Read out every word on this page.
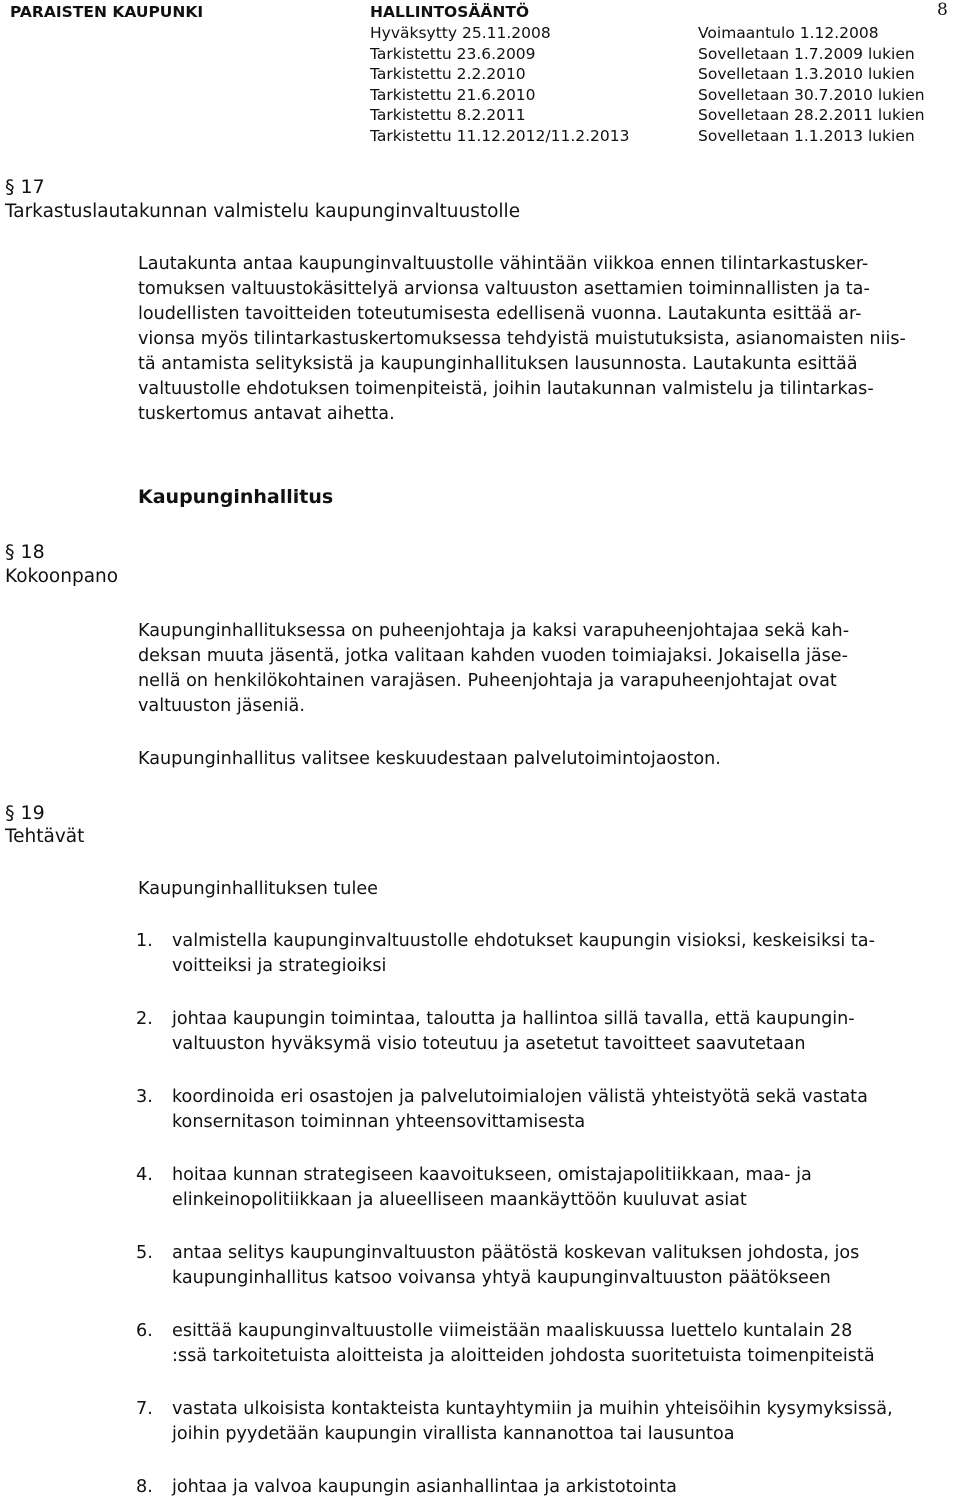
PARAISTEN KAUPUNKI	HALLINTOSÄÄNTÖ	8
Hyväksytty 25.11.2008
Tarkistettu 23.6.2009
Tarkistettu 2.2.2010
Tarkistettu 21.6.2010
Tarkistettu 8.2.2011
Tarkistettu 11.12.2012/11.2.2013
Voimaantulo 1.12.2008
Sovelletaan 1.7.2009 lukien
Sovelletaan 1.3.2010 lukien
Sovelletaan 30.7.2010 lukien
Sovelletaan 28.2.2011 lukien
Sovelletaan 1.1.2013 lukien
§ 17
Tarkastuslautakunnan valmistelu kaupunginvaltuustolle
Lautakunta antaa kaupunginvaltuustolle vähintään viikkoa ennen tilintarkastusker-
tomuksen valtuustokäsittelyä arvionsa valtuuston asettamien toiminnallisten ja ta-
loudellisten tavoitteiden toteutumisesta edellisenä vuonna. Lautakunta esittää ar-
vionsa myös tilintarkastuskertomuksessa tehdyistä muistutuksista, asianomaisten niis-
tä antamista selityksistä ja kaupunginhallituksen lausunnosta. Lautakunta esittää
valtuustolle ehdotuksen toimenpiteistä, joihin lautakunnan valmistelu ja tilintarkas-
tuskertomus antavat aihetta.
Kaupunginhallitus
§ 18
Kokoonpano
Kaupunginhallituksessa on puheenjohtaja ja kaksi varapuheenjohtajaa sekä kah-
deksan muuta jäsentä, jotka valitaan kahden vuoden toimiajaksi. Jokaisella jäse-
nellä on henkilökohtainen varajäsen. Puheenjohtaja ja varapuheenjohtajat ovat
valtuuston jäseniä.
Kaupunginhallitus valitsee keskuudestaan palvelutoimintojaoston.
§ 19
Tehtävät
Kaupunginhallituksen tulee
1. valmistella kaupunginvaltuustolle ehdotukset kaupungin visioksi, keskeisiksi ta-
voitteiksi ja strategioiksi
2. johtaa kaupungin toimintaa, taloutta ja hallintoa sillä tavalla, että kaupungin-
valtuuston hyväksymä visio toteutuu ja asetetut tavoitteet saavutetaan
3. koordinoida eri osastojen ja palvelutoimialojen välistä yhteistyötä sekä vastata
konsernitason toiminnan yhteensovittamisesta
4. hoitaa kunnan strategiseen kaavoitukseen, omistajapolitiikkaan, maa- ja
elinkeinopolitiikkaan ja alueelliseen maankäyttöön kuuluvat asiat
5. antaa selitys kaupunginvaltuuston päätöstä koskevan valituksen johdosta, jos
kaupunginhallitus katsoo voivansa yhtyä kaupunginvaltuuston päätökseen
6. esittää kaupunginvaltuustolle viimeistään maaliskuussa luettelo kuntalain 28
:ssä tarkoitetuista aloitteista ja aloitteiden johdosta suoritetuista toimenpiteistä
7. vastata ulkoisista kontakteista kuntayhtymiin ja muihin yhteisöihin kysymyksissä,
joihin pyydetään kaupungin virallista kannanottoa tai lausuntoa
8. johtaa ja valvoa kaupungin asianhallintaa ja arkistotointa
